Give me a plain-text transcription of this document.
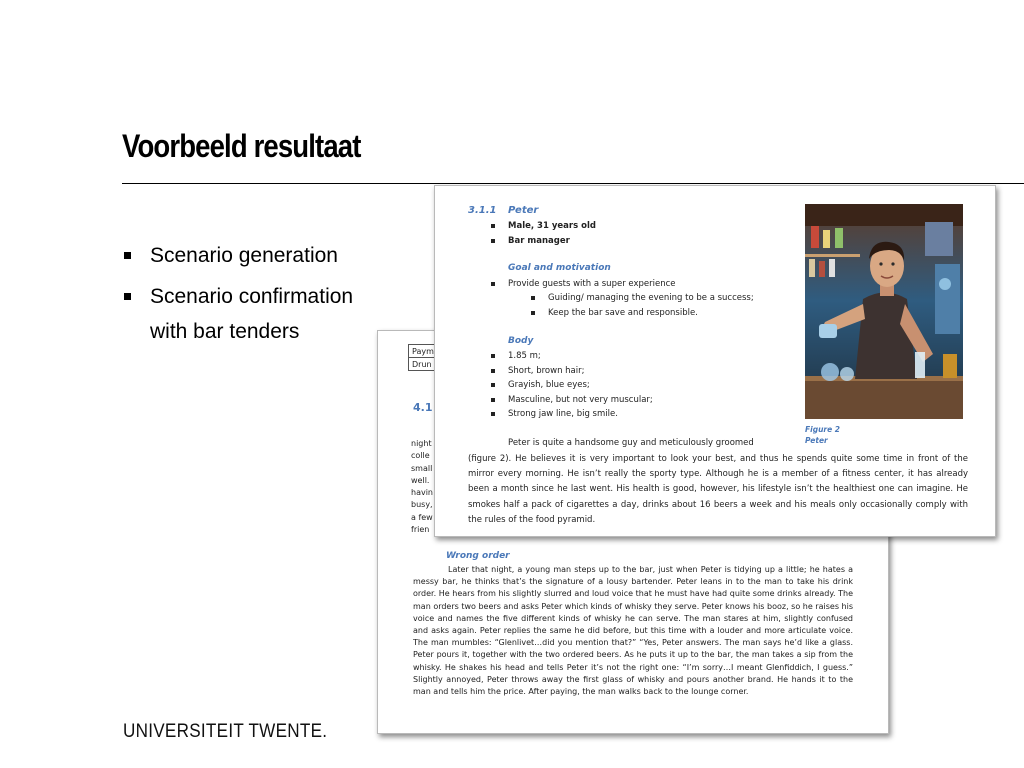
Voorbeeld resultaat
Scenario generation
Scenario confirmation with bar tenders
Paym	
Drun	
4.1
night
colle
small
well.
havin
busy,
a few
frien
Wrong order
Later that night, a young man steps up to the bar, just when Peter is tidying up a little; he hates a messy bar, he thinks that’s the signature of a lousy bartender. Peter leans in to the man to take his drink order. He hears from his slightly slurred and loud voice that he must have had quite some drinks already. The man orders two beers and asks Peter which kinds of whisky they serve. Peter knows his booz, so he raises his voice and names the five different kinds of whisky he can serve. The man stares at him, slightly confused and asks again. Peter replies the same he did before, but this time with a louder and more articulate voice. The man mumbles: “Glenlivet…did you mention that?” “Yes, Peter answers. The man says he’d like a glass. Peter pours it, together with the two ordered beers. As he puts it up to the bar, the man takes a sip from the whisky. He shakes his head and tells Peter it’s not the right one: “I’m sorry…I meant Glenfiddich, I guess.” Slightly annoyed, Peter throws away the first glass of whisky and pours another brand. He hands it to the man and tells him the price. After paying, the man walks back to the lounge corner.
3.1.1 Peter
Male, 31 years old
Bar manager
Goal and motivation
Provide guests with a super experience
Guiding/ managing the evening to be a success;
Keep the bar save and responsible.
Body
1.85 m;
Short, brown hair;
Grayish, blue eyes;
Masculine, but not very muscular;
Strong jaw line, big smile.
Figure 2
Peter
Peter is quite a handsome guy and meticulously groomed
(figure 2). He believes it is very important to look your best, and thus he spends quite some time in front of the mirror every morning. He isn’t really the sporty type. Although he is a member of a fitness center, it has already been a month since he last went. His health is good, however, his lifestyle isn’t the healthiest one can imagine. He smokes half a pack of cigarettes a day, drinks about 16 beers a week and his meals only occasionally comply with the rules of the food pyramid.
UNIVERSITEIT TWENTE.
